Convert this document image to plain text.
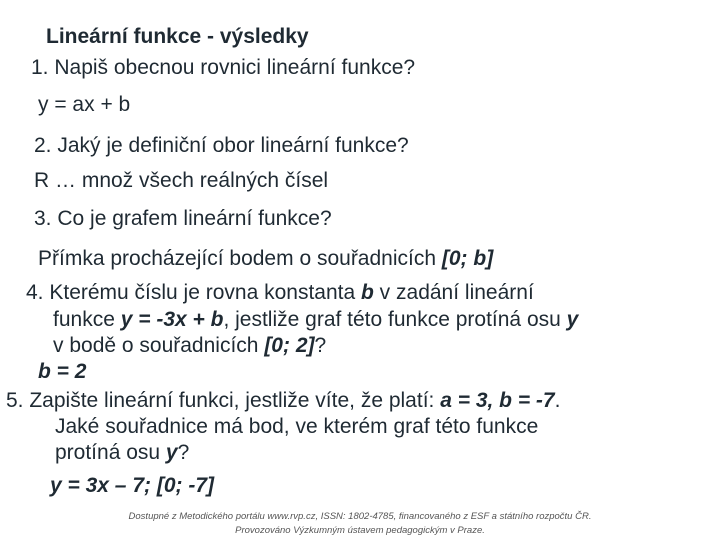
Lineární funkce - výsledky
1. Napiš obecnou rovnici lineární funkce?
y = ax + b
2. Jaký je definiční obor lineární funkce?
R … množ všech reálných čísel
3. Co je grafem lineární funkce?
Přímka procházející bodem o souřadnicích [0; b]
4. Kterému číslu je rovna konstanta b v zadání lineární
funkce y = -3x + b, jestliže graf této funkce protíná osu y
v bodě o souřadnicích [0; 2]?
b = 2
5. Zapište lineární funkci, jestliže víte, že platí: a = 3, b = -7.
Jaké souřadnice má bod, ve kterém graf této funkce
protíná osu y?
y = 3x – 7; [0; -7]
Dostupné z Metodického portálu www.rvp.cz, ISSN: 1802-4785, financovaného z ESF a státního rozpočtu ČR.
Provozováno Výzkumným ústavem pedagogickým v Praze.
